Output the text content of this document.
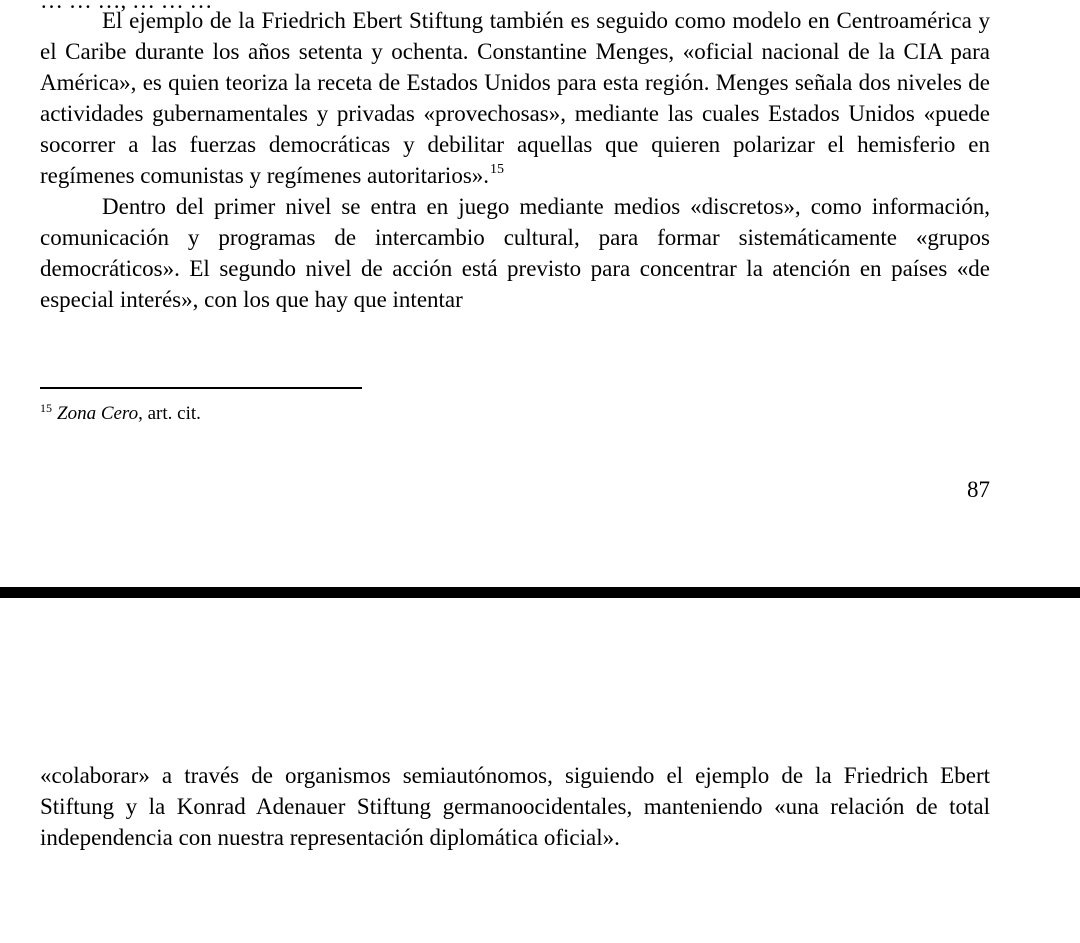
… … …, … … …

El ejemplo de la Friedrich Ebert Stiftung también es seguido como modelo en Centroamérica y el Caribe durante los años setenta y ochenta. Constantine Menges, «oficial nacional de la CIA para América», es quien teoriza la receta de Estados Unidos para esta región. Menges señala dos niveles de actividades gubernamentales y privadas «provechosas», mediante las cuales Estados Unidos «puede socorrer a las fuerzas democráticas y debilitar aquellas que quieren polarizar el hemisferio en regímenes comunistas y regímenes autoritarios».$^{15}$

Dentro del primer nivel se entra en juego mediante medios «discretos», como información, comunicación y programas de intercambio cultural, para formar sistemáticamente «grupos democráticos». El segundo nivel de acción está previsto para concentrar la atención en países «de especial interés», con los que hay que intentar

$^{15}$ Zona Cero, art. cit.
87

«colaborar» a través de organismos semiautónomos, siguiendo el ejemplo de la Friedrich Ebert Stiftung y la Konrad Adenauer Stiftung germanoocidentales, manteniendo «una relación de total independencia con nuestra representación diplomática oficial».
